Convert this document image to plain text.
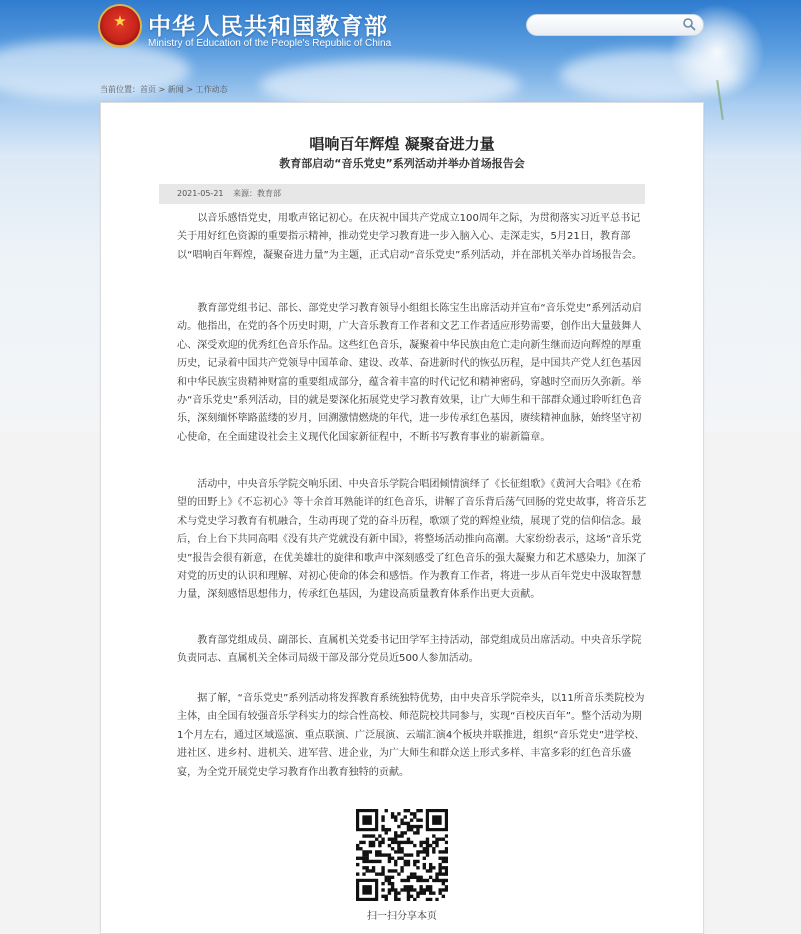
★ 中华人民共和国教育部
Ministry of Education of the People's Republic of China
当前位置：首页 > 新闻 > 工作动态
唱响百年辉煌 凝聚奋进力量
教育部启动“音乐党史”系列活动并举办首场报告会
2021-05-21 来源：教育部

以音乐感悟党史，用歌声铭记初心。在庆祝中国共产党成立100周年之际，为贯彻落实习近平总书记关于用好红色资源的重要指示精神，推动党史学习教育进一步入脑入心、走深走实，5月21日，教育部以“唱响百年辉煌，凝聚奋进力量”为主题，正式启动“音乐党史”系列活动，并在部机关举办首场报告会。

教育部党组书记、部长、部党史学习教育领导小组组长陈宝生出席活动并宣布“音乐党史”系列活动启动。他指出，在党的各个历史时期，广大音乐教育工作者和文艺工作者适应形势需要，创作出大量鼓舞人心、深受欢迎的优秀红色音乐作品。这些红色音乐，凝聚着中华民族由危亡走向新生继而迈向辉煌的厚重历史，记录着中国共产党领导中国革命、建设、改革、奋进新时代的恢弘历程，是中国共产党人红色基因和中华民族宝贵精神财富的重要组成部分，蕴含着丰富的时代记忆和精神密码，穿越时空而历久弥新。举办“音乐党史”系列活动，目的就是要深化拓展党史学习教育效果，让广大师生和干部群众通过聆听红色音乐，深刻缅怀筚路蓝缕的岁月，回溯激情燃烧的年代，进一步传承红色基因，赓续精神血脉，始终坚守初心使命，在全面建设社会主义现代化国家新征程中，不断书写教育事业的崭新篇章。

活动中，中央音乐学院交响乐团、中央音乐学院合唱团倾情演绎了《长征组歌》《黄河大合唱》《在希望的田野上》《不忘初心》等十余首耳熟能详的红色音乐，讲解了音乐背后荡气回肠的党史故事，将音乐艺术与党史学习教育有机融合，生动再现了党的奋斗历程，歌颂了党的辉煌业绩，展现了党的信仰信念。最后，台上台下共同高唱《没有共产党就没有新中国》，将整场活动推向高潮。大家纷纷表示，这场“音乐党史”报告会很有新意，在优美雄壮的旋律和歌声中深刻感受了红色音乐的强大凝聚力和艺术感染力，加深了对党的历史的认识和理解、对初心使命的体会和感悟。作为教育工作者，将进一步从百年党史中汲取智慧力量，深刻感悟思想伟力，传承红色基因，为建设高质量教育体系作出更大贡献。

教育部党组成员、副部长、直属机关党委书记田学军主持活动，部党组成员出席活动。中央音乐学院负责同志、直属机关全体司局级干部及部分党员近500人参加活动。

据了解，“音乐党史”系列活动将发挥教育系统独特优势，由中央音乐学院牵头，以11所音乐类院校为主体，由全国有较强音乐学科实力的综合性高校、师范院校共同参与，实现“百校庆百年”。整个活动为期1个月左右，通过区域巡演、重点联演、广泛展演、云端汇演4个板块并联推进，组织“音乐党史”进学校、进社区、进乡村、进机关、进军营、进企业，为广大师生和群众送上形式多样、丰富多彩的红色音乐盛宴，为全党开展党史学习教育作出教育独特的贡献。

扫一扫分享本页
